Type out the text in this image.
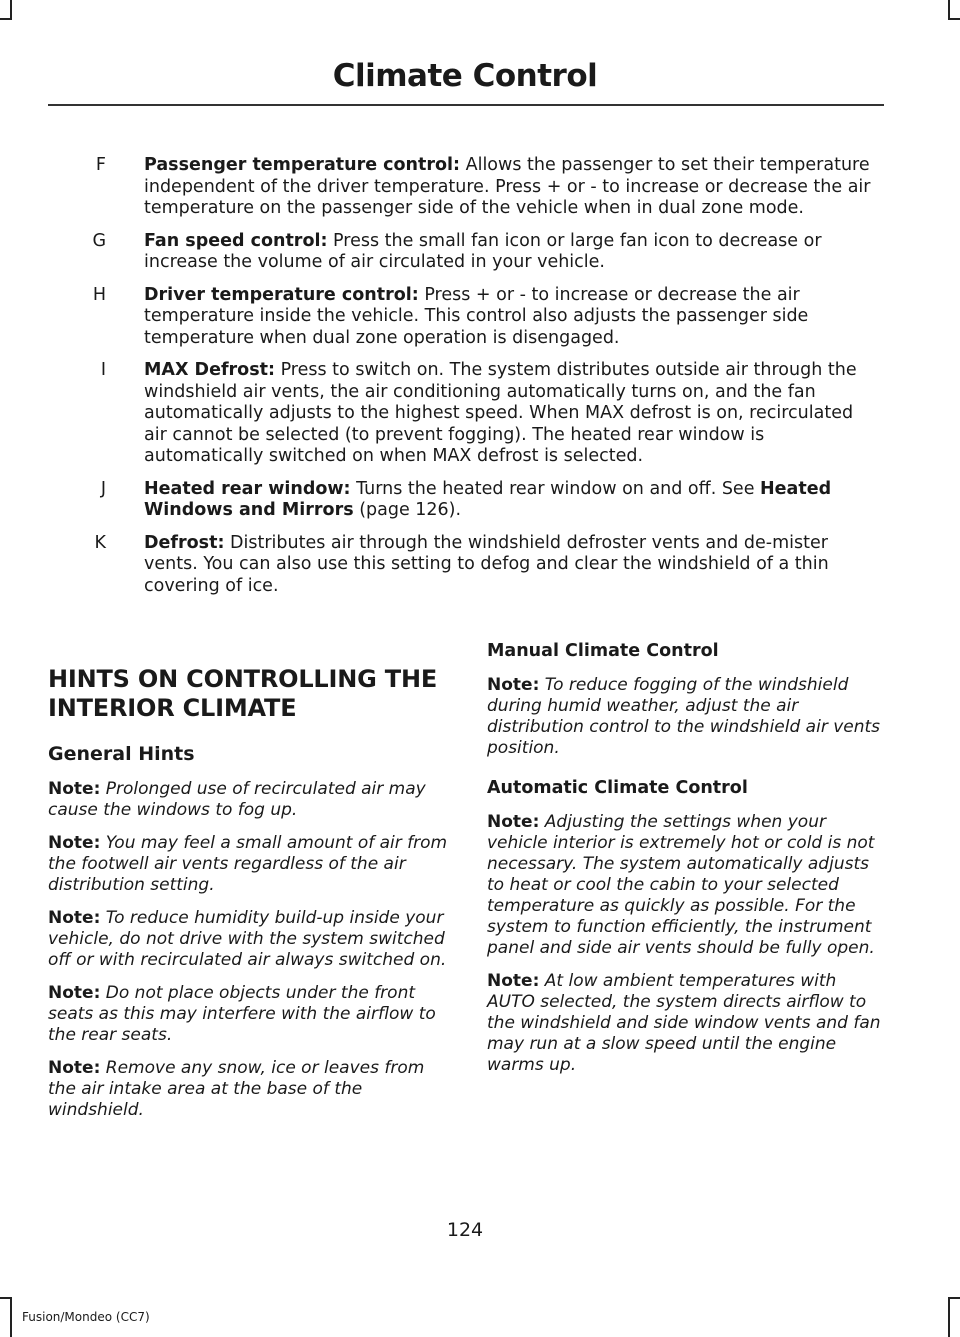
Climate Control
F	Passenger temperature control: Allows the passenger to set their temperature independent of the driver temperature. Press + or - to increase or decrease the air temperature on the passenger side of the vehicle when in dual zone mode.
G	Fan speed control: Press the small fan icon or large fan icon to decrease or increase the volume of air circulated in your vehicle.
H	Driver temperature control: Press + or - to increase or decrease the air temperature inside the vehicle. This control also adjusts the passenger side temperature when dual zone operation is disengaged.
I	MAX Defrost: Press to switch on. The system distributes outside air through the windshield air vents, the air conditioning automatically turns on, and the fan automatically adjusts to the highest speed. When MAX defrost is on, recirculated air cannot be selected (to prevent fogging). The heated rear window is automatically switched on when MAX defrost is selected.
J	Heated rear window: Turns the heated rear window on and off. See Heated Windows and Mirrors (page 126).
K	Defrost: Distributes air through the windshield defroster vents and de-mister vents. You can also use this setting to defog and clear the windshield of a thin covering of ice.
HINTS ON CONTROLLING THE
INTERIOR CLIMATE
General Hints
Note: Prolonged use of recirculated air may cause the windows to fog up.
Note: You may feel a small amount of air from the footwell air vents regardless of the air distribution setting.
Note: To reduce humidity build-up inside your vehicle, do not drive with the system switched off or with recirculated air always switched on.
Note: Do not place objects under the front seats as this may interfere with the airflow to the rear seats.
Note: Remove any snow, ice or leaves from the air intake area at the base of the windshield.
Manual Climate Control
Note: To reduce fogging of the windshield during humid weather, adjust the air distribution control to the windshield air vents position.
Automatic Climate Control
Note: Adjusting the settings when your vehicle interior is extremely hot or cold is not necessary. The system automatically adjusts to heat or cool the cabin to your selected temperature as quickly as possible. For the system to function efficiently, the instrument panel and side air vents should be fully open.
Note: At low ambient temperatures with AUTO selected, the system directs airflow to the windshield and side window vents and fan may run at a slow speed until the engine warms up.
124
Fusion/Mondeo (CC7)
